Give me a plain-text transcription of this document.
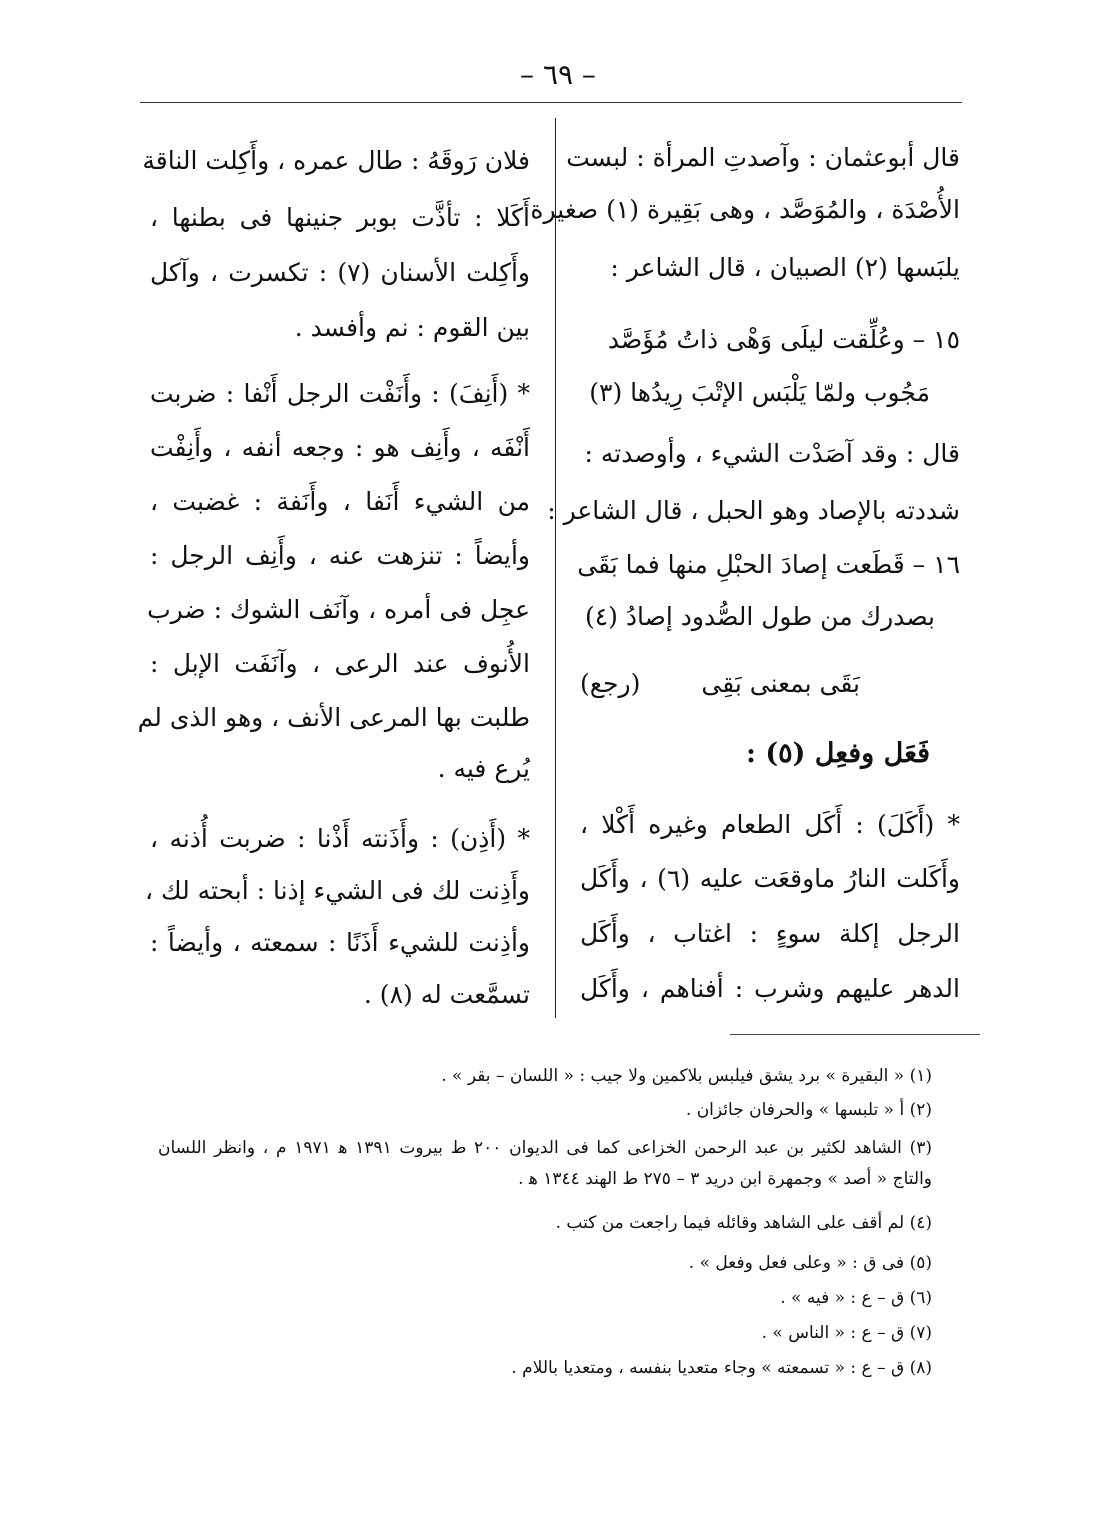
– ٦٩ –
قال أبوعثمان : وآصدتِ المرأة : لبست
الأُصْدَة ، والمُوَصَّد ، وهى بَقِيرة (١) صغيرة
يلبَسها (٢) الصبيان ، قال الشاعر :
١٥ – وعُلِّقت ليلَى وَهْى ذاتُ مُؤَصَّد
مَجُوب ولمّا يَلْبَس الإتْبَ رِيدُها (٣)
قال : وقد آصَدْت الشيء ، وأوصدته :
شددته بالإصاد وهو الحبل ، قال الشاعر :
١٦ – قَطَعت إصادَ الحبْلِ منها فما بَقَى
بصدرك من طول الصُّدود إصادُ (٤)
بَقَى بمعنى بَقِى
(رجع)
فَعَل وفعِل (٥) :
* (أَكَلَ) : أَكَل الطعام وغيره أَكْلا ،
وأَكَلت النارُ ماوقعَت عليه (٦) ، وأَكَل
الرجل إكلة سوءٍ : اغتاب ، وأَكَل
الدهر عليهم وشرب : أفناهم ، وأَكَل
فلان رَوقَهُ : طال عمره ، وأَكِلت الناقة
أَكَلا : تأذَّت بوبر جنينها فى بطنها ،
وأَكِلت الأسنان (٧) : تكسرت ، وآكل
بين القوم : نم وأفسد .
* (أَنِفَ) : وأَنَفْت الرجل أَنْفا : ضربت
أَنْفَه ، وأَنِف هو : وجعه أنفه ، وأَنِفْت
من الشيء أَنَفا ، وأَنَفة : غضبت ،
وأيضاً : تنزهت عنه ، وأَنِف الرجل :
عجِل فى أمره ، وآنَف الشوك : ضرب
الأُنوف عند الرعى ، وآنَفَت الإبل :
طلبت بها المرعى الأنف ، وهو الذى لم
يُرع فيه .
* (أَذِن) : وأَذَنته أَذْنا : ضربت أُذنه ،
وأَذِنت لك فى الشيء إذنا : أبحته لك ،
وأذِنت للشيء أَذَنًا : سمعته ، وأيضاً :
تسمَّعت له (٨) .
(١) « البقيرة » برد يشق فيلبس بلاكمين ولا جيب : « اللسان – بقر » .
(٢) أ « تلبسها » والحرفان جائزان .
(٣) الشاهد لكثير بن عبد الرحمن الخزاعى كما فى الديوان ٢٠٠ ط بيروت ١٣٩١ ﻫ ١٩٧١ م ، وانظر اللسان والتاج « أصد » وجمهرة ابن دريد ٣ – ٢٧٥ ط الهند ١٣٤٤ ﻫ .
(٤) لم أقف على الشاهد وقائله فيما راجعت من كتب .
(٥) فى ق : « وعلى فعل وفعل » .
(٦) ق – ع : « فيه » .
(٧) ق – ع : « الناس » .
(٨) ق – ع : « تسمعته » وجاء متعديا بنفسه ، ومتعديا باللام .
